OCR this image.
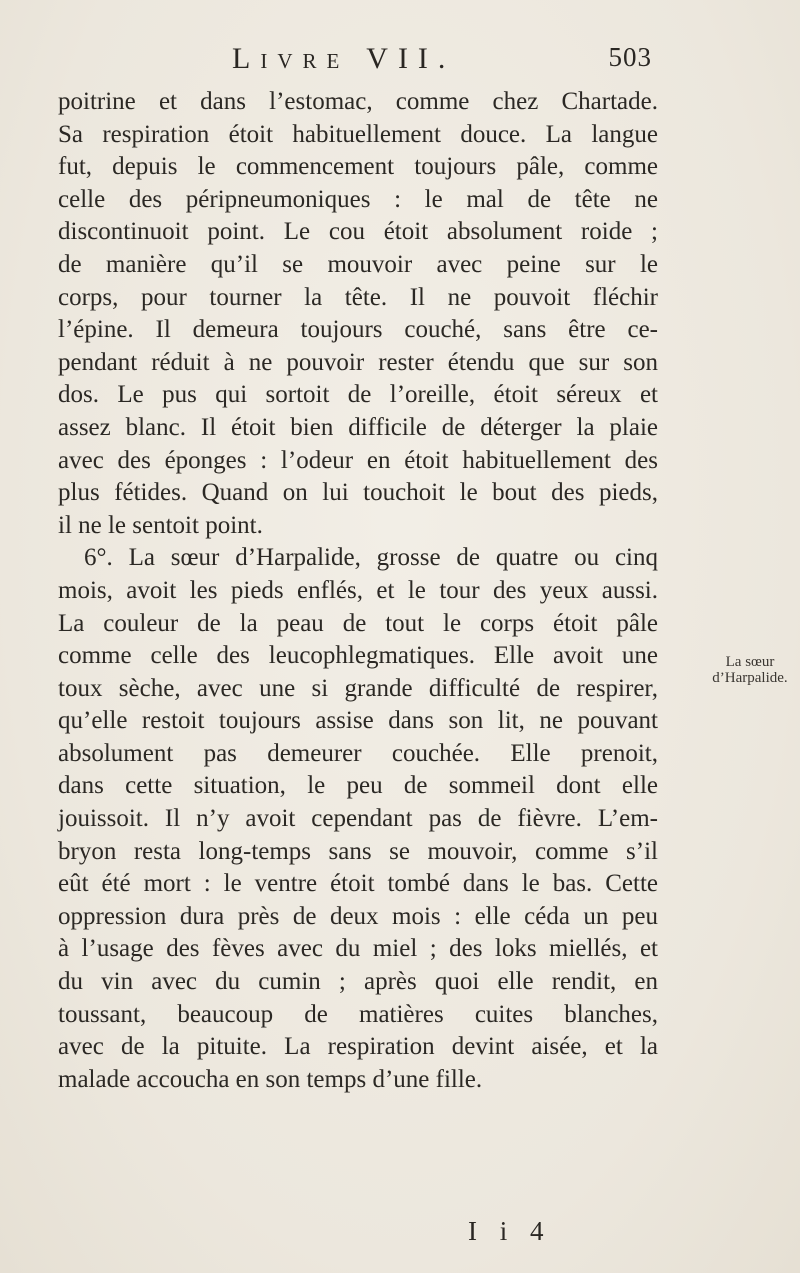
Livre VII.	503
poitrine et dans l’estomac, comme chez Chartade.
Sa respiration étoit habituellement douce. La langue
fut, depuis le commencement toujours pâle, comme
celle des péripneumoniques : le mal de tête ne
discontinuoit point. Le cou étoit absolument roide ;
de manière qu’il se mouvoir avec peine sur le
corps, pour tourner la tête. Il ne pouvoit fléchir
l’épine. Il demeura toujours couché, sans être ce-
pendant réduit à ne pouvoir rester étendu que sur son
dos. Le pus qui sortoit de l’oreille, étoit séreux et
assez blanc. Il étoit bien difficile de déterger la plaie
avec des éponges : l’odeur en étoit habituellement des
plus fétides. Quand on lui touchoit le bout des pieds,
il ne le sentoit point.
6°. La sœur d’Harpalide, grosse de quatre ou cinq
mois, avoit les pieds enflés, et le tour des yeux aussi.
La couleur de la peau de tout le corps étoit pâle
comme celle des leucophlegmatiques. Elle avoit une
toux sèche, avec une si grande difficulté de respirer,
qu’elle restoit toujours assise dans son lit, ne pouvant
absolument pas demeurer couchée. Elle prenoit,
dans cette situation, le peu de sommeil dont elle
jouissoit. Il n’y avoit cependant pas de fièvre. L’em-
bryon resta long-temps sans se mouvoir, comme s’il
eût été mort : le ventre étoit tombé dans le bas. Cette
oppression dura près de deux mois : elle céda un peu
à l’usage des fèves avec du miel ; des loks miellés, et
du vin avec du cumin ; après quoi elle rendit, en
toussant, beaucoup de matières cuites blanches,
avec de la pituite. La respiration devint aisée, et la
malade accoucha en son temps d’une fille.
La sœur
d’Harpalide.
I i 4
